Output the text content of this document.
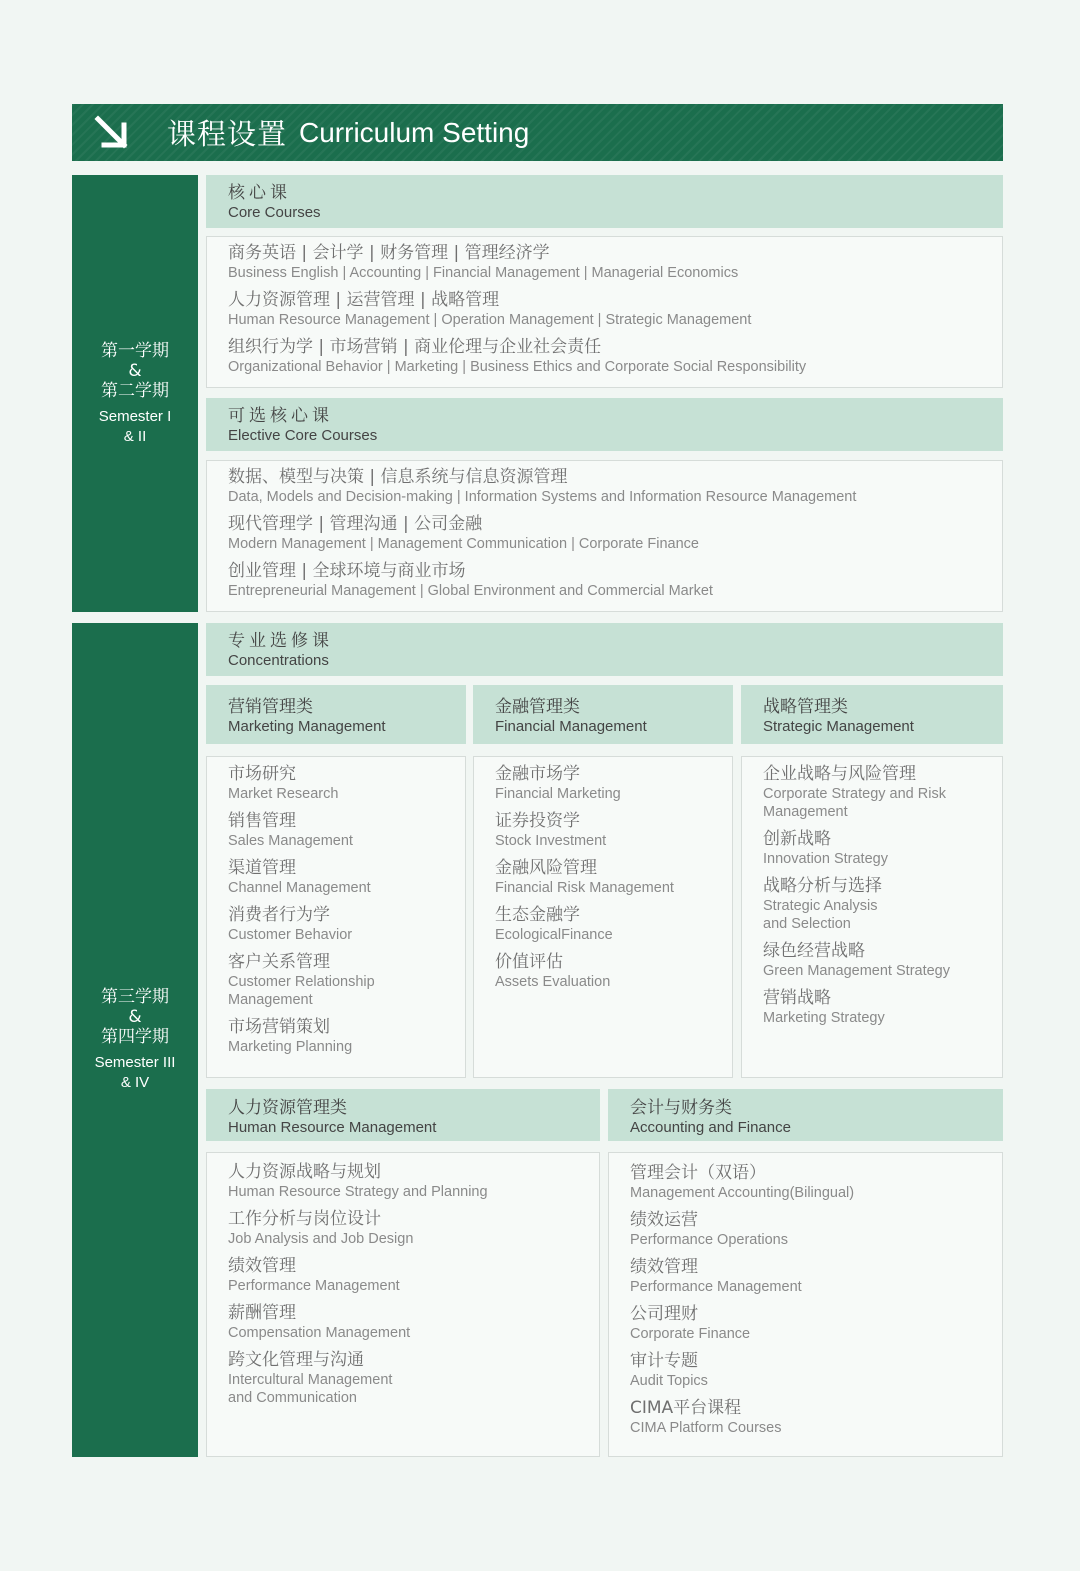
课程设置 Curriculum Setting
第一学期
&
第二学期
Semester I
& II
核心课
Core Courses
商务英语 | 会计学 | 财务管理 | 管理经济学
Business English | Accounting | Financial Management | Managerial Economics
人力资源管理 | 运营管理 | 战略管理
Human Resource Management | Operation Management | Strategic Management
组织行为学 | 市场营销 | 商业伦理与企业社会责任
Organizational Behavior | Marketing | Business Ethics and Corporate Social Responsibility
可选核心课
Elective Core Courses
数据、模型与决策 | 信息系统与信息资源管理
Data, Models and Decision-making | Information Systems and Information Resource Management
现代管理学 | 管理沟通 | 公司金融
Modern Management | Management Communication | Corporate Finance
创业管理 | 全球环境与商业市场
Entrepreneurial Management | Global Environment and Commercial Market
第三学期
&
第四学期
Semester III
& IV
专业选修课
Concentrations
营销管理类
Marketing Management
市场研究
Market Research
销售管理
Sales Management
渠道管理
Channel Management
消费者行为学
Customer Behavior
客户关系管理
Customer Relationship Management
市场营销策划
Marketing Planning
金融管理类
Financial Management
金融市场学
Financial Marketing
证券投资学
Stock Investment
金融风险管理
Financial Risk Management
生态金融学
EcologicalFinance
价值评估
Assets Evaluation
战略管理类
Strategic Management
企业战略与风险管理
Corporate Strategy and Risk Management
创新战略
Innovation Strategy
战略分析与选择
Strategic Analysis and Selection
绿色经营战略
Green Management Strategy
营销战略
Marketing Strategy
人力资源管理类
Human Resource Management
人力资源战略与规划
Human Resource Strategy and Planning
工作分析与岗位设计
Job Analysis and Job Design
绩效管理
Performance Management
薪酬管理
Compensation Management
跨文化管理与沟通
Intercultural Management and Communication
会计与财务类
Accounting and Finance
管理会计（双语）
Management Accounting(Bilingual)
绩效运营
Performance Operations
绩效管理
Performance Management
公司理财
Corporate Finance
审计专题
Audit Topics
CIMA平台课程
CIMA Platform Courses
